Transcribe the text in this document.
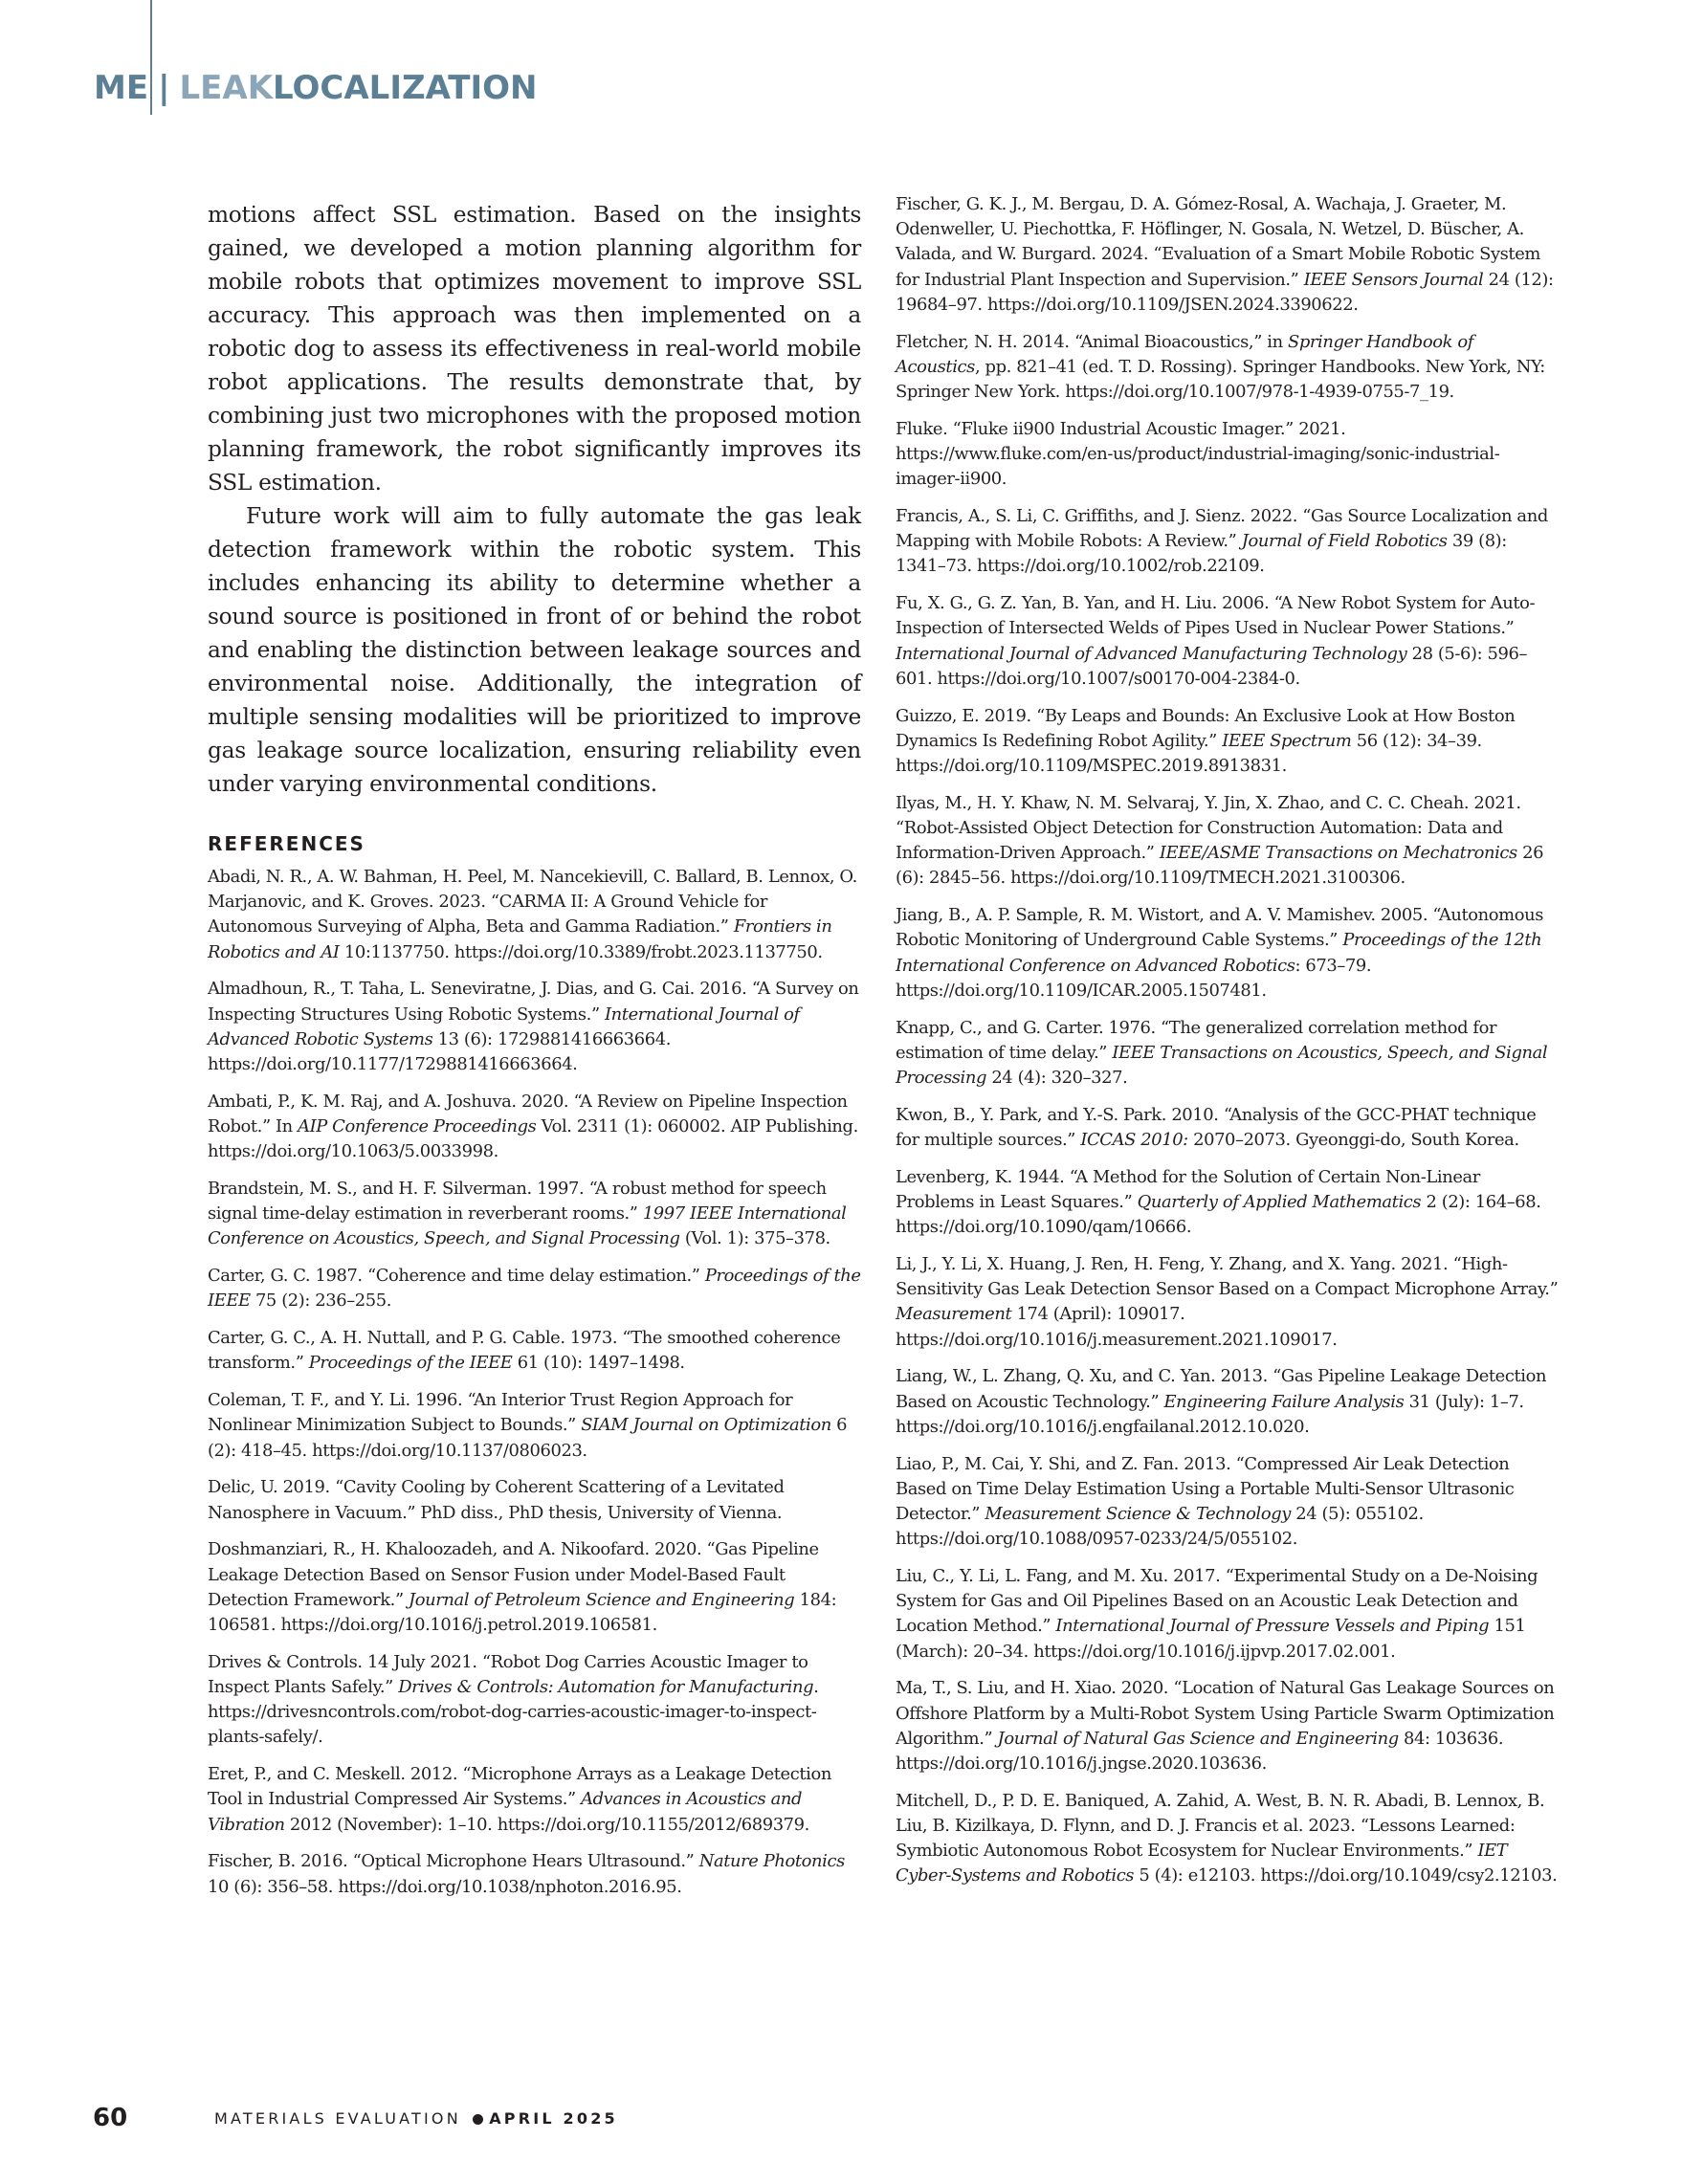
ME | LEAKLOCALIZATION

motions affect SSL estimation. Based on the insights gained, we developed a motion planning algorithm for mobile robots that optimizes movement to improve SSL accuracy. This approach was then implemented on a robotic dog to assess its effectiveness in real-world mobile robot applications. The results demonstrate that, by combining just two microphones with the proposed motion planning framework, the robot significantly improves its SSL estimation.

Future work will aim to fully automate the gas leak detection framework within the robotic system. This includes enhancing its ability to determine whether a sound source is positioned in front of or behind the robot and enabling the distinction between leakage sources and environmental noise. Additionally, the integration of multiple sensing modalities will be prioritized to improve gas leakage source localization, ensuring reliability even under varying environmental conditions.

REFERENCES

Abadi, N. R., A. W. Bahman, H. Peel, M. Nancekievill, C. Ballard, B. Lennox, O. Marjanovic, and K. Groves. 2023. “CARMA II: A Ground Vehicle for Autonomous Surveying of Alpha, Beta and Gamma Radiation.” Frontiers in Robotics and AI 10:1137750. https://doi.org/10.3389/frobt.2023.1137750.

Almadhoun, R., T. Taha, L. Seneviratne, J. Dias, and G. Cai. 2016. “A Survey on Inspecting Structures Using Robotic Systems.” International Journal of Advanced Robotic Systems 13 (6): 1729881416663664. https://doi.org/10.1177/1729881416663664.

Ambati, P., K. M. Raj, and A. Joshuva. 2020. “A Review on Pipeline Inspection Robot.” In AIP Conference Proceedings Vol. 2311 (1): 060002. AIP Publishing. https://doi.org/10.1063/5.0033998.

Brandstein, M. S., and H. F. Silverman. 1997. “A robust method for speech signal time-delay estimation in reverberant rooms.” 1997 IEEE International Conference on Acoustics, Speech, and Signal Processing (Vol. 1): 375–378.

Carter, G. C. 1987. “Coherence and time delay estimation.” Proceedings of the IEEE 75 (2): 236–255.

Carter, G. C., A. H. Nuttall, and P. G. Cable. 1973. “The smoothed coherence transform.” Proceedings of the IEEE 61 (10): 1497–1498.

Coleman, T. F., and Y. Li. 1996. “An Interior Trust Region Approach for Nonlinear Minimization Subject to Bounds.” SIAM Journal on Optimization 6 (2): 418–45. https://doi.org/10.1137/0806023.

Delic, U. 2019. “Cavity Cooling by Coherent Scattering of a Levitated Nanosphere in Vacuum.” PhD diss., PhD thesis, University of Vienna.

Doshmanziari, R., H. Khaloozadeh, and A. Nikoofard. 2020. “Gas Pipeline Leakage Detection Based on Sensor Fusion under Model-Based Fault Detection Framework.” Journal of Petroleum Science and Engineering 184: 106581. https://doi.org/10.1016/j.petrol.2019.106581.

Drives & Controls. 14 July 2021. “Robot Dog Carries Acoustic Imager to Inspect Plants Safely.” Drives & Controls: Automation for Manufacturing. https://drivesncontrols.com/robot-dog-carries-acoustic-imager-to-inspect-plants-safely/.

Eret, P., and C. Meskell. 2012. “Microphone Arrays as a Leakage Detection Tool in Industrial Compressed Air Systems.” Advances in Acoustics and Vibration 2012 (November): 1–10. https://doi.org/10.1155/2012/689379.

Fischer, B. 2016. “Optical Microphone Hears Ultrasound.” Nature Photonics 10 (6): 356–58. https://doi.org/10.1038/nphoton.2016.95.

Fischer, G. K. J., M. Bergau, D. A. Gómez-Rosal, A. Wachaja, J. Graeter, M. Odenweller, U. Piechottka, F. Höflinger, N. Gosala, N. Wetzel, D. Büscher, A. Valada, and W. Burgard. 2024. “Evaluation of a Smart Mobile Robotic System for Industrial Plant Inspection and Supervision.” IEEE Sensors Journal 24 (12): 19684–97. https://doi.org/10.1109/JSEN.2024.3390622.

Fletcher, N. H. 2014. “Animal Bioacoustics,” in Springer Handbook of Acoustics, pp. 821–41 (ed. T. D. Rossing). Springer Handbooks. New York, NY: Springer New York. https://doi.org/10.1007/978-1-4939-0755-7_19.

Fluke. “Fluke ii900 Industrial Acoustic Imager.” 2021. https://www.fluke.com/en-us/product/industrial-imaging/sonic-industrial-imager-ii900.

Francis, A., S. Li, C. Griffiths, and J. Sienz. 2022. “Gas Source Localization and Mapping with Mobile Robots: A Review.” Journal of Field Robotics 39 (8): 1341–73. https://doi.org/10.1002/rob.22109.

Fu, X. G., G. Z. Yan, B. Yan, and H. Liu. 2006. “A New Robot System for Auto-Inspection of Intersected Welds of Pipes Used in Nuclear Power Stations.” International Journal of Advanced Manufacturing Technology 28 (5-6): 596–601. https://doi.org/10.1007/s00170-004-2384-0.

Guizzo, E. 2019. “By Leaps and Bounds: An Exclusive Look at How Boston Dynamics Is Redefining Robot Agility.” IEEE Spectrum 56 (12): 34–39. https://doi.org/10.1109/MSPEC.2019.8913831.

Ilyas, M., H. Y. Khaw, N. M. Selvaraj, Y. Jin, X. Zhao, and C. C. Cheah. 2021. “Robot-Assisted Object Detection for Construction Automation: Data and Information-Driven Approach.” IEEE/ASME Transactions on Mechatronics 26 (6): 2845–56. https://doi.org/10.1109/TMECH.2021.3100306.

Jiang, B., A. P. Sample, R. M. Wistort, and A. V. Mamishev. 2005. “Autonomous Robotic Monitoring of Underground Cable Systems.” Proceedings of the 12th International Conference on Advanced Robotics: 673–79. https://doi.org/10.1109/ICAR.2005.1507481.

Knapp, C., and G. Carter. 1976. “The generalized correlation method for estimation of time delay.” IEEE Transactions on Acoustics, Speech, and Signal Processing 24 (4): 320–327.

Kwon, B., Y. Park, and Y.-S. Park. 2010. “Analysis of the GCC-PHAT technique for multiple sources.” ICCAS 2010: 2070–2073. Gyeonggi-do, South Korea.

Levenberg, K. 1944. “A Method for the Solution of Certain Non-Linear Problems in Least Squares.” Quarterly of Applied Mathematics 2 (2): 164–68. https://doi.org/10.1090/qam/10666.

Li, J., Y. Li, X. Huang, J. Ren, H. Feng, Y. Zhang, and X. Yang. 2021. “High-Sensitivity Gas Leak Detection Sensor Based on a Compact Microphone Array.” Measurement 174 (April): 109017. https://doi.org/10.1016/j.measurement.2021.109017.

Liang, W., L. Zhang, Q. Xu, and C. Yan. 2013. “Gas Pipeline Leakage Detection Based on Acoustic Technology.” Engineering Failure Analysis 31 (July): 1–7. https://doi.org/10.1016/j.engfailanal.2012.10.020.

Liao, P., M. Cai, Y. Shi, and Z. Fan. 2013. “Compressed Air Leak Detection Based on Time Delay Estimation Using a Portable Multi-Sensor Ultrasonic Detector.” Measurement Science & Technology 24 (5): 055102. https://doi.org/10.1088/0957-0233/24/5/055102.

Liu, C., Y. Li, L. Fang, and M. Xu. 2017. “Experimental Study on a De-Noising System for Gas and Oil Pipelines Based on an Acoustic Leak Detection and Location Method.” International Journal of Pressure Vessels and Piping 151 (March): 20–34. https://doi.org/10.1016/j.ijpvp.2017.02.001.

Ma, T., S. Liu, and H. Xiao. 2020. “Location of Natural Gas Leakage Sources on Offshore Platform by a Multi-Robot System Using Particle Swarm Optimization Algorithm.” Journal of Natural Gas Science and Engineering 84: 103636. https://doi.org/10.1016/j.jngse.2020.103636.

Mitchell, D., P. D. E. Baniqued, A. Zahid, A. West, B. N. R. Abadi, B. Lennox, B. Liu, B. Kizilkaya, D. Flynn, and D. J. Francis et al. 2023. “Lessons Learned: Symbiotic Autonomous Robot Ecosystem for Nuclear Environments.” IET Cyber-Systems and Robotics 5 (4): e12103. https://doi.org/10.1049/csy2.12103.

60	MATERIALS EVALUATION APRIL 2025
